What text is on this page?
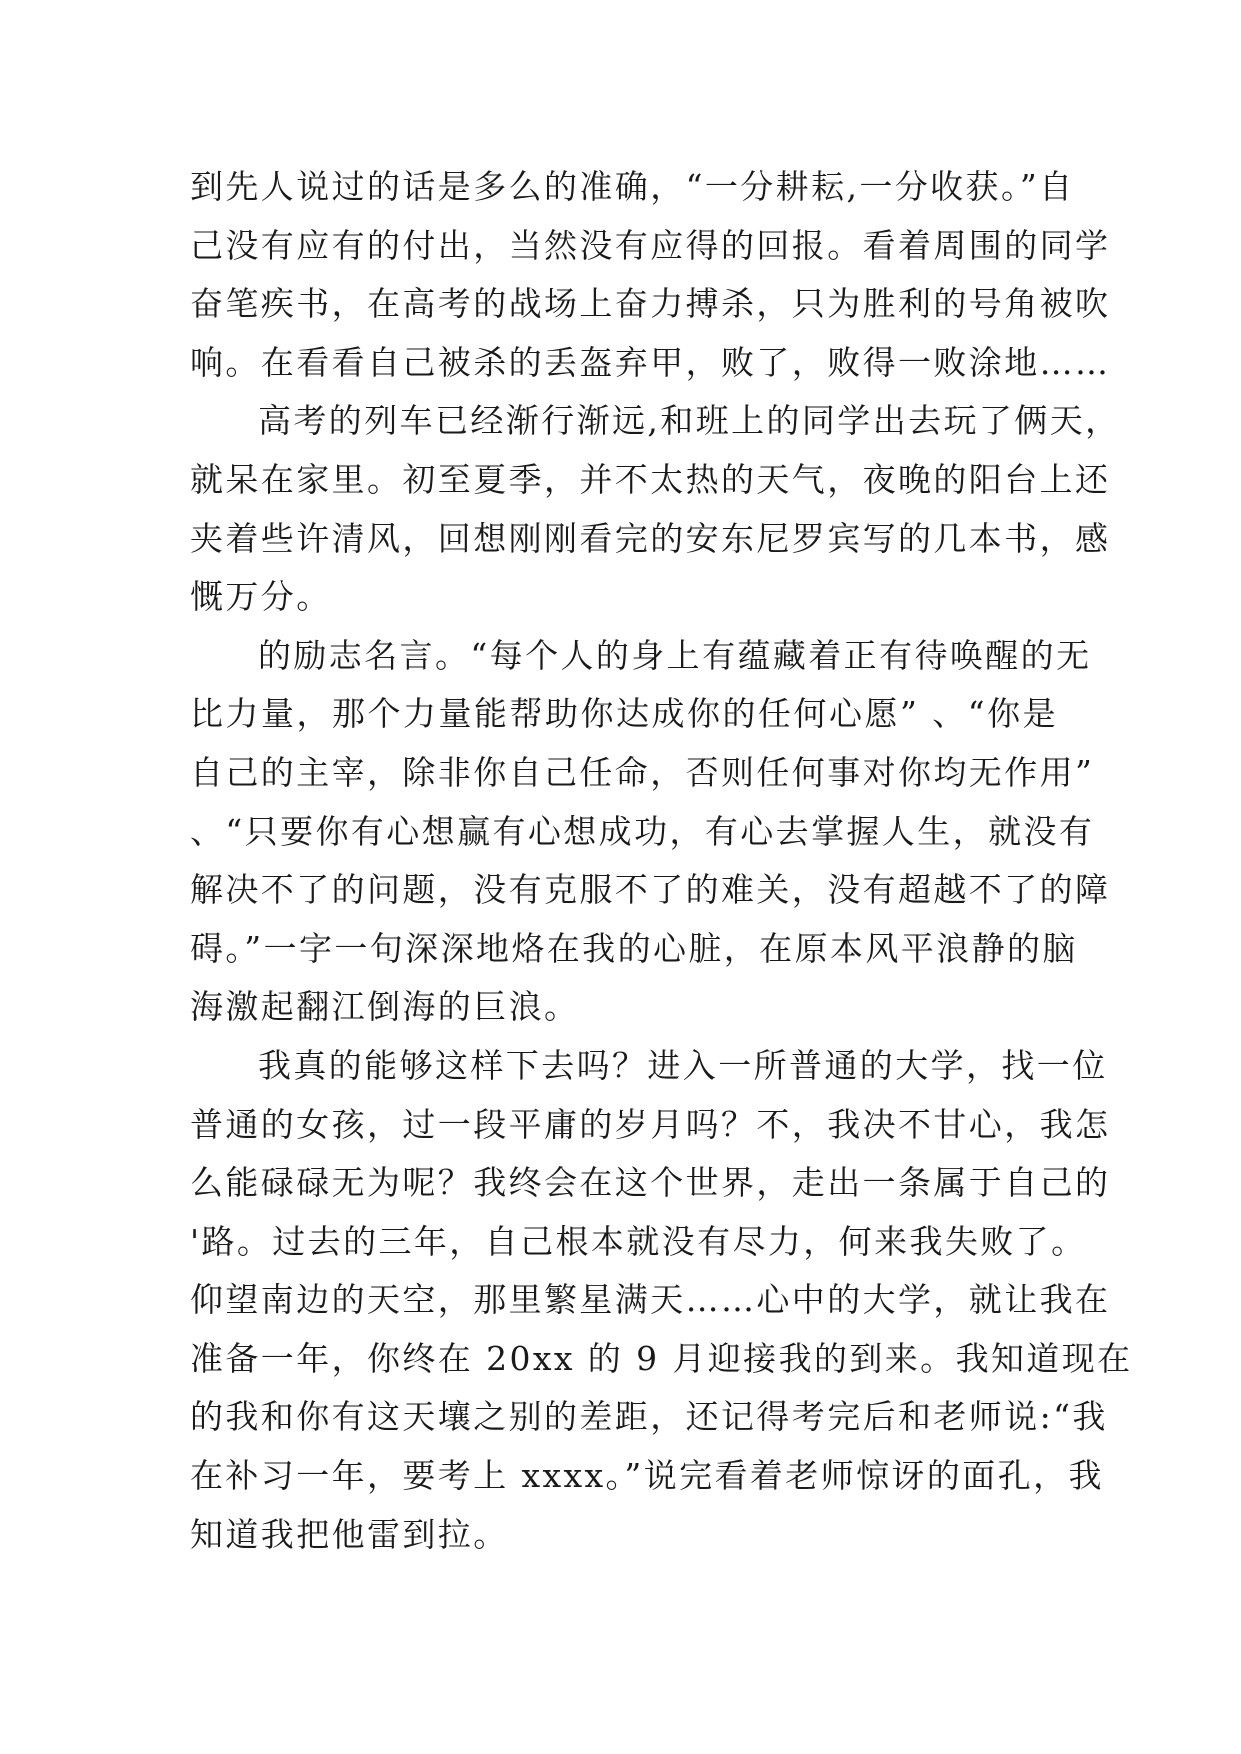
到先人说过的话是多么的准确，“一分耕耘,一分收获。”自
己没有应有的付出，当然没有应得的回报。看着周围的同学
奋笔疾书，在高考的战场上奋力搏杀，只为胜利的号角被吹
响。在看看自己被杀的丢盔弃甲，败了，败得一败涂地……
高考的列车已经渐行渐远,和班上的同学出去玩了俩天，
就呆在家里。初至夏季，并不太热的天气，夜晚的阳台上还
夹着些许清风，回想刚刚看完的安东尼罗宾写的几本书，感
慨万分。
的励志名言。“每个人的身上有蕴藏着正有待唤醒的无
比力量，那个力量能帮助你达成你的任何心愿” 、“你是
自己的主宰，除非你自己任命，否则任何事对你均无作用”
、“只要你有心想赢有心想成功，有心去掌握人生，就没有
解决不了的问题，没有克服不了的难关，没有超越不了的障
碍。”一字一句深深地烙在我的心脏，在原本风平浪静的脑
海激起翻江倒海的巨浪。
我真的能够这样下去吗？进入一所普通的大学，找一位
普通的女孩，过一段平庸的岁月吗？不，我决不甘心，我怎
么能碌碌无为呢？我终会在这个世界，走出一条属于自己的
'路。过去的三年，自己根本就没有尽力，何来我失败了。
仰望南边的天空，那里繁星满天……心中的大学，就让我在
准备一年，你终在 20xx 的 9 月迎接我的到来。我知道现在
的我和你有这天壤之别的差距，还记得考完后和老师说:“我
在补习一年，要考上 xxxx。”说完看着老师惊讶的面孔，我
知道我把他雷到拉。
